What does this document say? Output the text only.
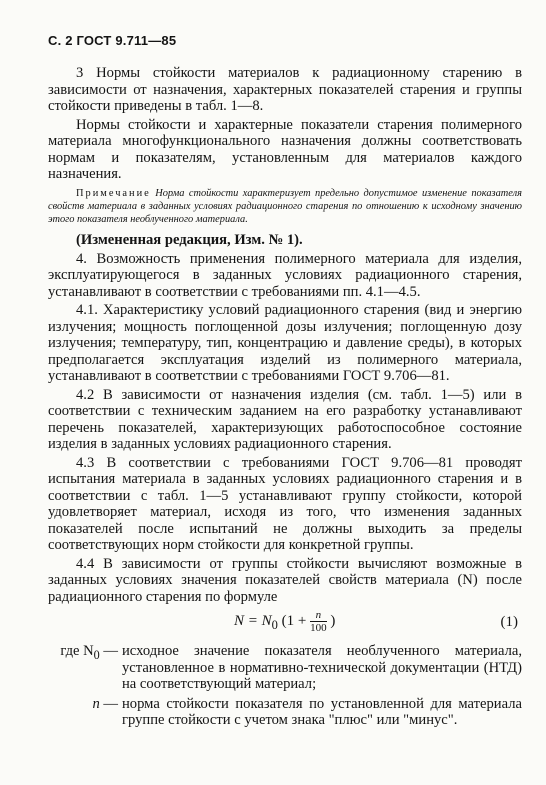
С. 2 ГОСТ 9.711—85

3 Нормы стойкости материалов к радиационному старению в зависимости от назначения, характерных показателей старения и группы стойкости приведены в табл. 1—8.

Нормы стойкости и характерные показатели старения полимерного материала многофункционального назначения должны соответствовать нормам и показателям, установленным для материалов каждого назначения.

Примечание Норма стойкости характеризует предельно допустимое изменение показателя свойств материала в заданных условиях радиационного старения по отношению к исходному значению этого показателя необлученного материала.

(Измененная редакция, Изм. № 1).

4. Возможность применения полимерного материала для изделия, эксплуатирующегося в заданных условиях радиационного старения, устанавливают в соответствии с требованиями пп. 4.1—4.5.

4.1. Характеристику условий радиационного старения (вид и энергию излучения; мощность поглощенной дозы излучения; поглощенную дозу излучения; температуру, тип, концентрацию и давление среды), в которых предполагается эксплуатация изделий из полимерного материала, устанавливают в соответствии с требованиями ГОСТ 9.706—81.

4.2 В зависимости от назначения изделия (см. табл. 1—5) или в соответствии с техническим заданием на его разработку устанавливают перечень показателей, характеризующих работоспособное состояние изделия в заданных условиях радиационного старения.

4.3 В соответствии с требованиями ГОСТ 9.706—81 проводят испытания материала в заданных условиях радиационного старения и в соответствии с табл. 1—5 устанавливают группу стойкости, которой удовлетворяет материал, исходя из того, что изменения заданных показателей после испытаний не должны выходить за пределы соответствующих норм стойкости для конкретной группы.

4.4 В зависимости от группы стойкости вычисляют возможные в заданных условиях значения показателей свойств материала (N) после радиационного старения по формуле

$N = N_0$ ($1 + \frac{n}{100}$ )	(1)
где $N_0$ — исходное значение показателя необлученного материала, установленное в нормативно-технической документации (НТД) на соответствующий материал;
n — норма стойкости показателя по установленной для материала группе стойкости с учетом знака "плюс" или "минус".
